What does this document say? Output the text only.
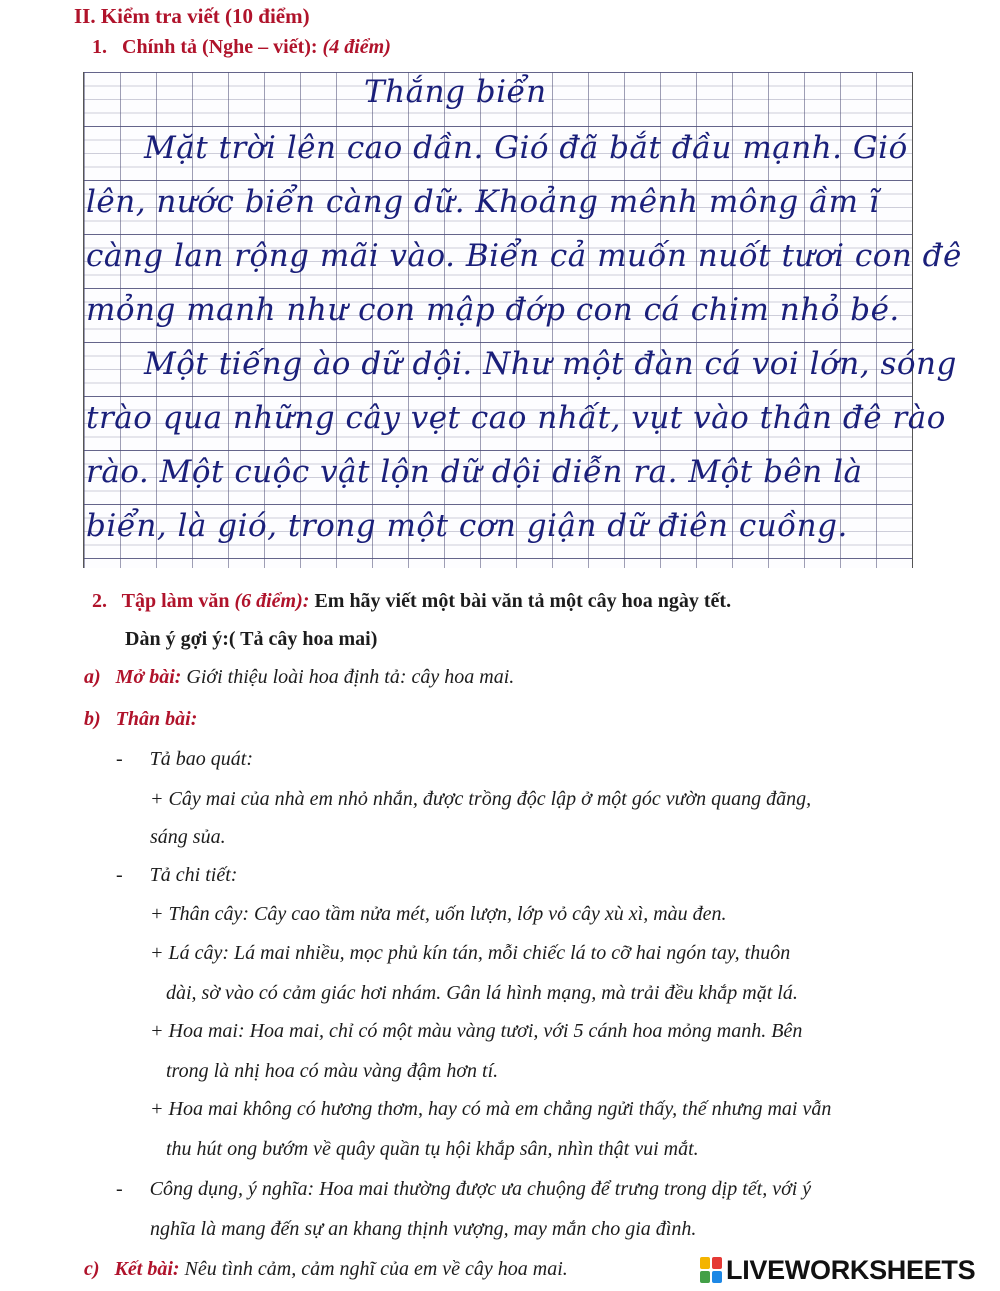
II. Kiểm tra viết (10 điểm)
1. Chính tả (Nghe – viết): (4 điểm)
Thắng biển
Mặt trời lên cao dần. Gió đã bắt đầu mạnh. Gió
lên, nước biển càng dữ. Khoảng mênh mông ầm ĩ
càng lan rộng mãi vào. Biển cả muốn nuốt tươi con đê
mỏng manh như con mập đớp con cá chim nhỏ bé.
Một tiếng ào dữ dội. Như một đàn cá voi lớn, sóng
trào qua những cây vẹt cao nhất, vụt vào thân đê rào
rào. Một cuộc vật lộn dữ dội diễn ra. Một bên là
biển, là gió, trong một cơn giận dữ điên cuồng.
2. Tập làm văn (6 điểm): Em hãy viết một bài văn tả một cây hoa ngày tết.
Dàn ý gợi ý:( Tả cây hoa mai)
a) Mở bài: Giới thiệu loài hoa định tả: cây hoa mai.
b) Thân bài:
- Tả bao quát:
+ Cây mai của nhà em nhỏ nhắn, được trồng độc lập ở một góc vườn quang đãng,
sáng sủa.
- Tả chi tiết:
+ Thân cây: Cây cao tầm nửa mét, uốn lượn, lớp vỏ cây xù xì, màu đen.
+ Lá cây: Lá mai nhiều, mọc phủ kín tán, mỗi chiếc lá to cỡ hai ngón tay, thuôn
dài, sờ vào có cảm giác hơi nhám. Gân lá hình mạng, mà trải đều khắp mặt lá.
+ Hoa mai: Hoa mai, chỉ có một màu vàng tươi, với 5 cánh hoa mỏng manh. Bên
trong là nhị hoa có màu vàng đậm hơn tí.
+ Hoa mai không có hương thơm, hay có mà em chẳng ngửi thấy, thế nhưng mai vẫn
thu hút ong bướm về quây quần tụ hội khắp sân, nhìn thật vui mắt.
- Công dụng, ý nghĩa: Hoa mai thường được ưa chuộng để trưng trong dịp tết, với ý
nghĩa là mang đến sự an khang thịnh vượng, may mắn cho gia đình.
c) Kết bài: Nêu tình cảm, cảm nghĩ của em về cây hoa mai.	LIVEWORKSHEETS
